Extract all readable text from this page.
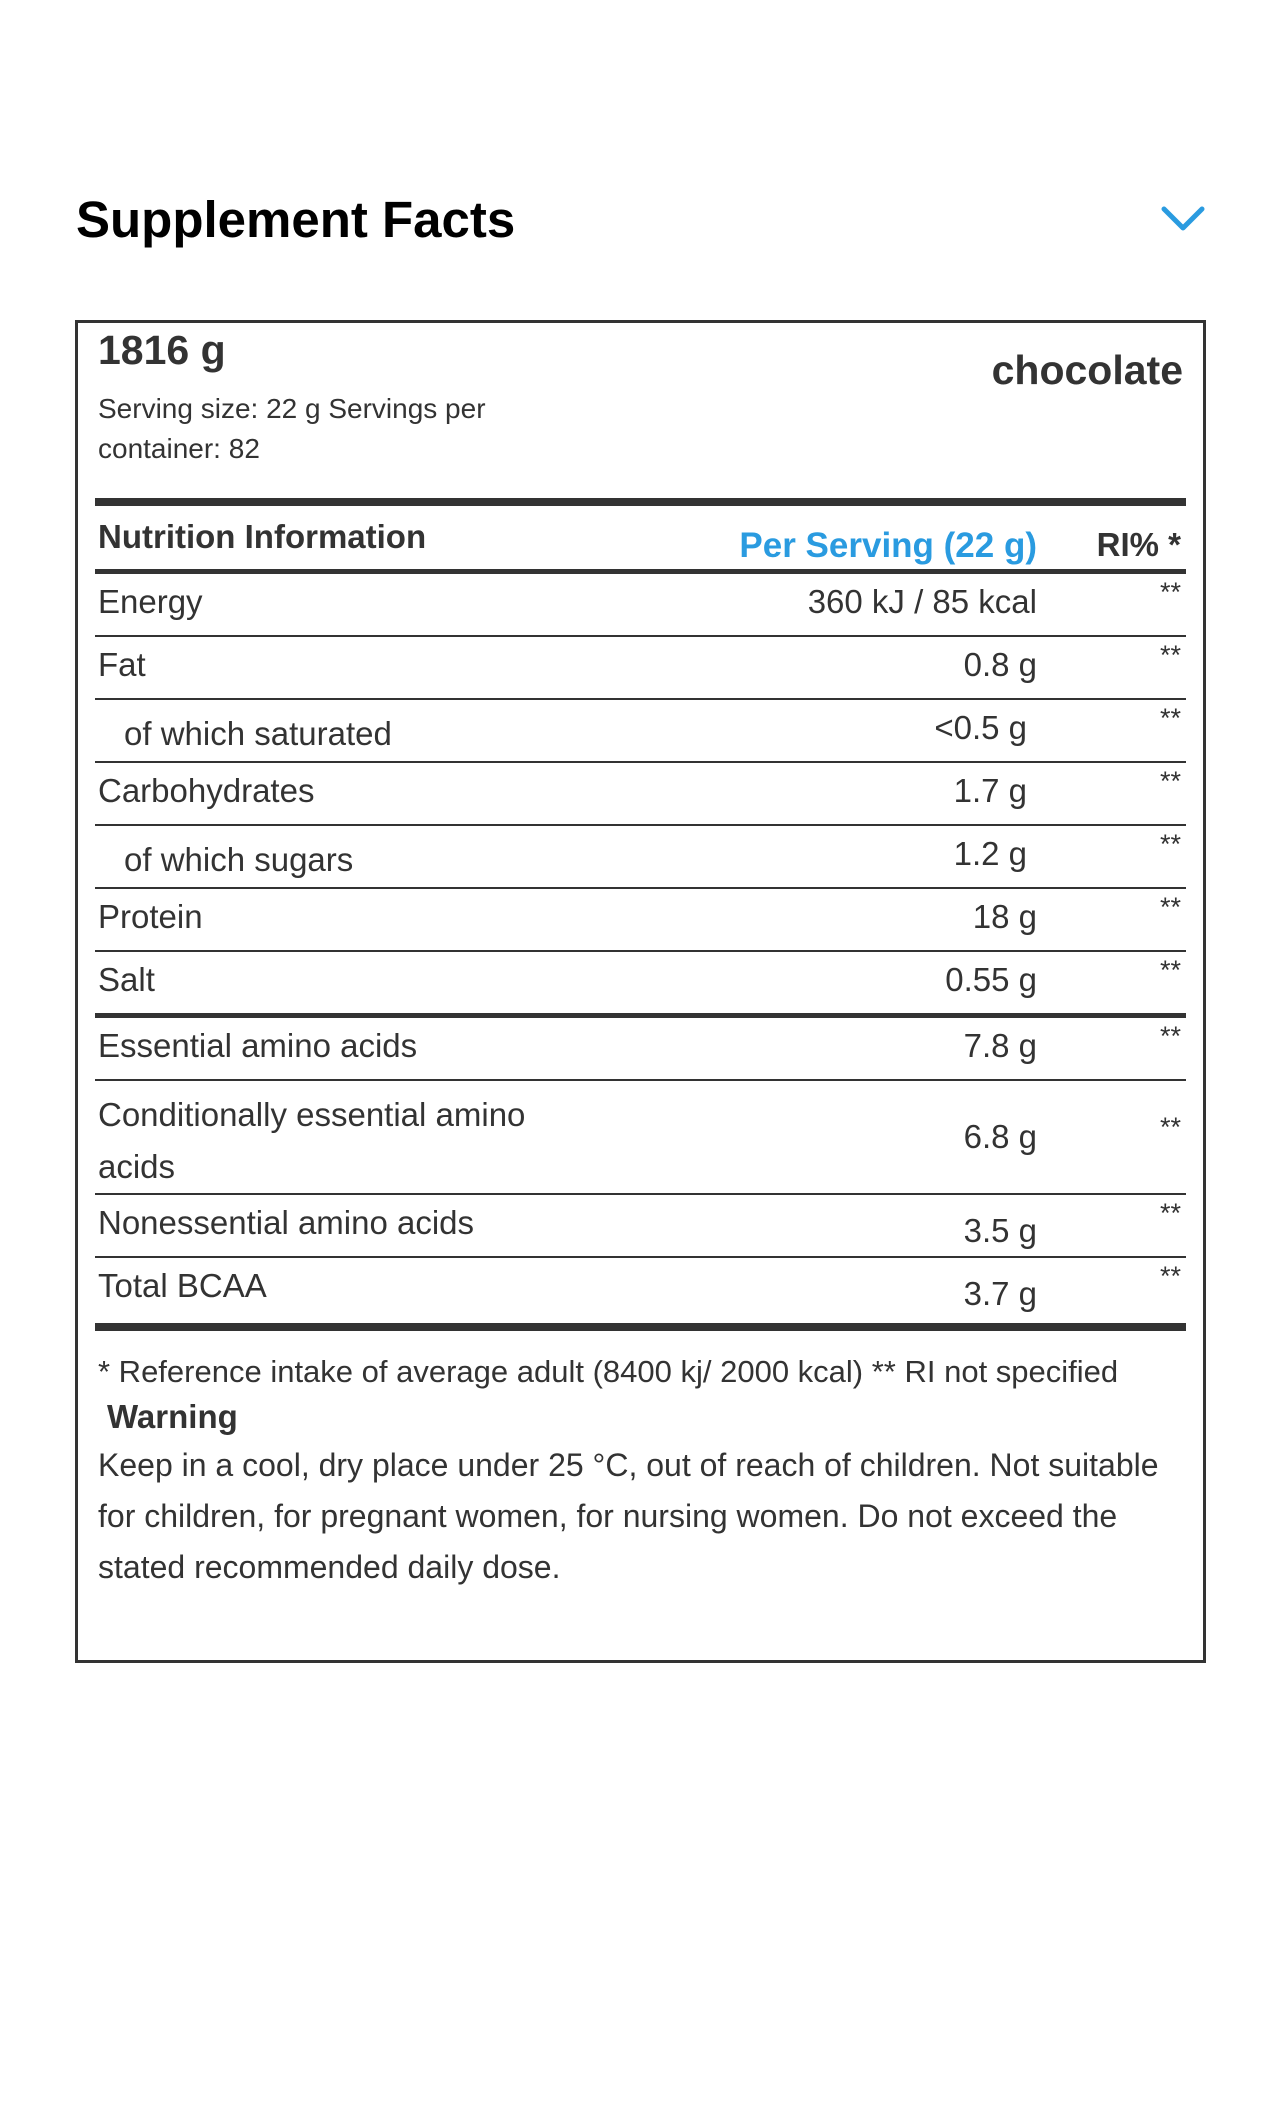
Supplement Facts
1816 g
Serving size: 22 g Servings per container: 82
chocolate
Nutrition Information	Per Serving (22 g) RI% *
Energy	360 kJ / 85 kcal	**
Fat	0.8 g	**
of which saturated	<0.5 g	**
Carbohydrates	1.7 g	**
of which sugars	1.2 g	**
Protein	18 g	**
Salt	0.55 g	**
Essential amino acids	7.8 g	**
Conditionally essential amino acids
6.8 g	**
Nonessential amino acids	3.5 g	**
Total BCAA	3.7 g	**
* Reference intake of average adult (8400 kj/ 2000 kcal) ** RI not specified
Warning
Keep in a cool, dry place under 25 °C, out of reach of children. Not suitable for children, for pregnant women, for nursing women. Do not exceed the stated recommended daily dose.
